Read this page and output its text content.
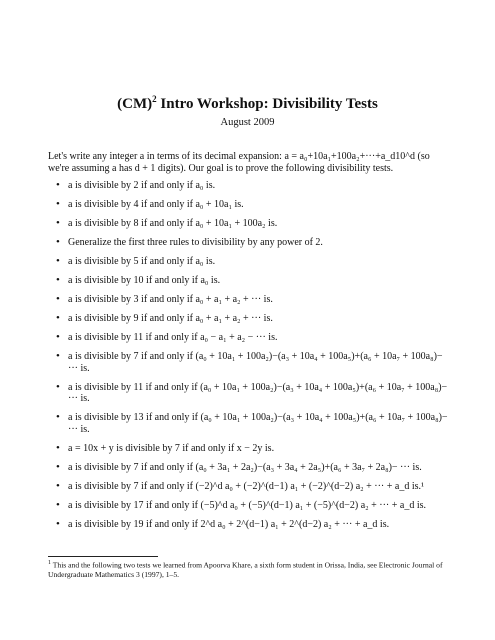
(CM)$^2$ Intro Workshop: Divisibility Tests
August 2009
Let's write any integer a in terms of its decimal expansion: a = a₀+10a₁+100a₂+···+a_d10^d (so we're assuming a has d + 1 digits). Our goal is to prove the following divisibility tests.
• a is divisible by 2 if and only if a₀ is.
• a is divisible by 4 if and only if a₀ + 10a₁ is.
• a is divisible by 8 if and only if a₀ + 10a₁ + 100a₂ is.
• Generalize the first three rules to divisibility by any power of 2.
• a is divisible by 5 if and only if a₀ is.
• a is divisible by 10 if and only if a₀ is.
• a is divisible by 3 if and only if a₀ + a₁ + a₂ + ··· is.
• a is divisible by 9 if and only if a₀ + a₁ + a₂ + ··· is.
• a is divisible by 11 if and only if a₀ − a₁ + a₂ − ··· is.
• a is divisible by 7 if and only if (a₀ + 10a₁ + 100a₂)−(a₃ + 10a₄ + 100a₅)+(a₆ + 10a₇ + 100a₈)− ··· is.
• a is divisible by 11 if and only if (a₀ + 10a₁ + 100a₂)−(a₃ + 10a₄ + 100a₅)+(a₆ + 10a₇ + 100a₈)− ··· is.
• a is divisible by 13 if and only if (a₀ + 10a₁ + 100a₂)−(a₃ + 10a₄ + 100a₅)+(a₆ + 10a₇ + 100a₈)− ··· is.
• a = 10x + y is divisible by 7 if and only if x − 2y is.
• a is divisible by 7 if and only if (a₀ + 3a₁ + 2a₂)−(a₃ + 3a₄ + 2a₅)+(a₆ + 3a₇ + 2a₈)− ··· is.
• a is divisible by 7 if and only if (−2)^d a₀ + (−2)^(d−1) a₁ + (−2)^(d−2) a₂ + ··· + a_d is.¹
• a is divisible by 17 if and only if (−5)^d a₀ + (−5)^(d−1) a₁ + (−5)^(d−2) a₂ + ··· + a_d is.
• a is divisible by 19 if and only if 2^d a₀ + 2^(d−1) a₁ + 2^(d−2) a₂ + ··· + a_d is.
$^1$ This and the following two tests we learned from Apoorva Khare, a sixth form student in Orissa, India, see Electronic Journal of Undergraduate Mathematics 3 (1997), 1–5.
